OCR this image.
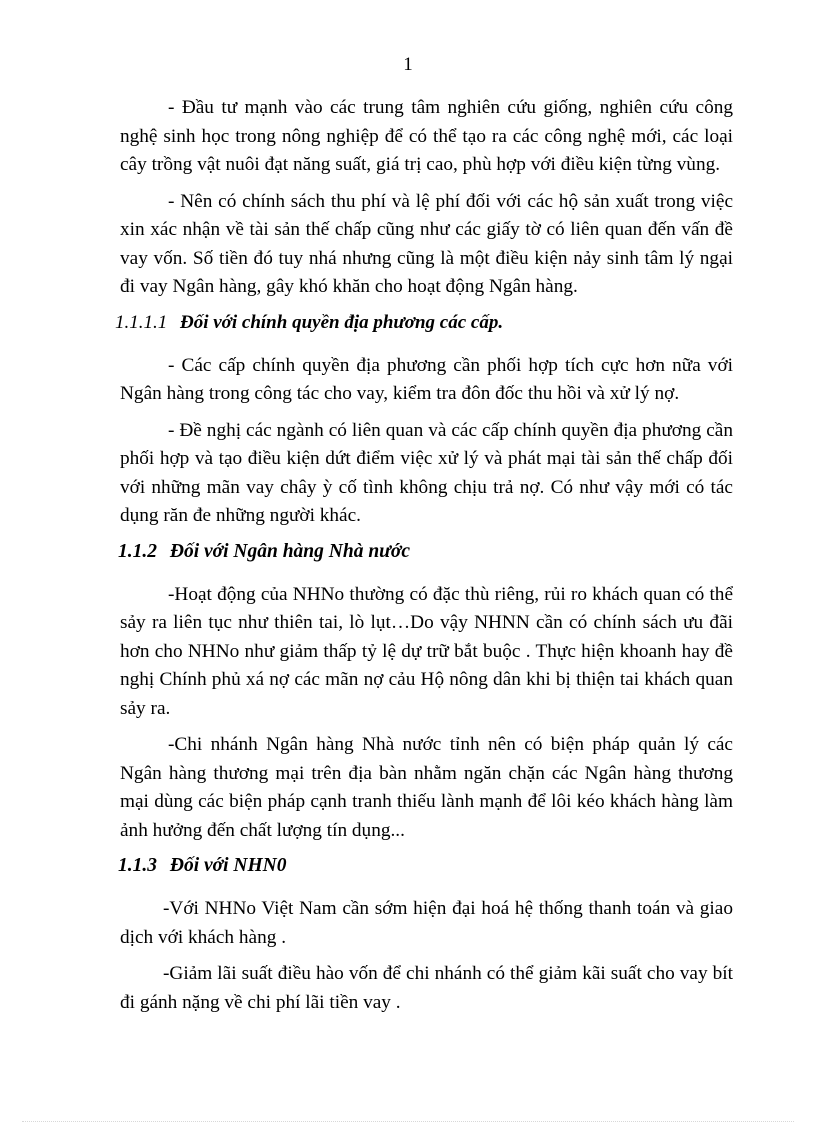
1

- Đầu tư mạnh vào các trung tâm nghiên cứu giống, nghiên cứu công nghệ sinh học trong nông nghiệp để có thể tạo ra các công nghệ mới, các loại cây trồng vật nuôi đạt năng suất, giá trị cao, phù hợp với điều kiện từng vùng.

- Nên có chính sách thu phí và lệ phí đối với các hộ sản xuất trong việc xin xác nhận về tài sản thế chấp cũng như các giấy tờ có liên quan đến vấn đề vay vốn. Số tiền đó tuy nhá nhưng cũng là một điều kiện nảy sinh tâm lý ngại đi vay Ngân hàng, gây khó khăn cho hoạt động Ngân hàng.

1.1.1.1 Đối với chính quyền địa phương các cấp.

- Các cấp chính quyền địa phương cần phối hợp tích cực hơn nữa với Ngân hàng trong công tác cho vay, kiểm tra đôn đốc thu hồi và xử lý nợ.

- Đề nghị các ngành có liên quan và các cấp chính quyền địa phương cần phối hợp và tạo điều kiện dứt điểm việc xử lý và phát mại tài sản thế chấp đối với những mãn vay chây ỳ cố tình không chịu trả nợ. Có như vậy mới có tác dụng răn đe những người khác.

1.1.2 Đối với Ngân hàng Nhà nước

-Hoạt động của NHNo thường có đặc thù riêng, rủi ro khách quan có thể sảy ra liên tục như thiên tai, lò lụt…Do vậy NHNN cần có chính sách ưu đãi hơn cho NHNo như giảm thấp tỷ lệ dự trữ bắt buộc . Thực hiện khoanh hay đề nghị Chính phủ xá nợ các mãn nợ cảu Hộ nông dân khi bị thiện tai khách quan sảy ra.

-Chi nhánh Ngân hàng Nhà nước tỉnh nên có biện pháp quản lý các Ngân hàng thương mại trên địa bàn nhằm ngăn chặn các Ngân hàng thương mại dùng các biện pháp cạnh tranh thiếu lành mạnh để lôi kéo khách hàng làm ảnh hưởng đến chất lượng tín dụng...

1.1.3 Đối với NHN0

-Với NHNo Việt Nam cần sớm hiện đại hoá hệ thống thanh toán và giao dịch với khách hàng .

-Giảm lãi suất điều hào vốn để chi nhánh có thể giảm kãi suất cho vay bít đi gánh nặng về chi phí lãi tiền vay .
